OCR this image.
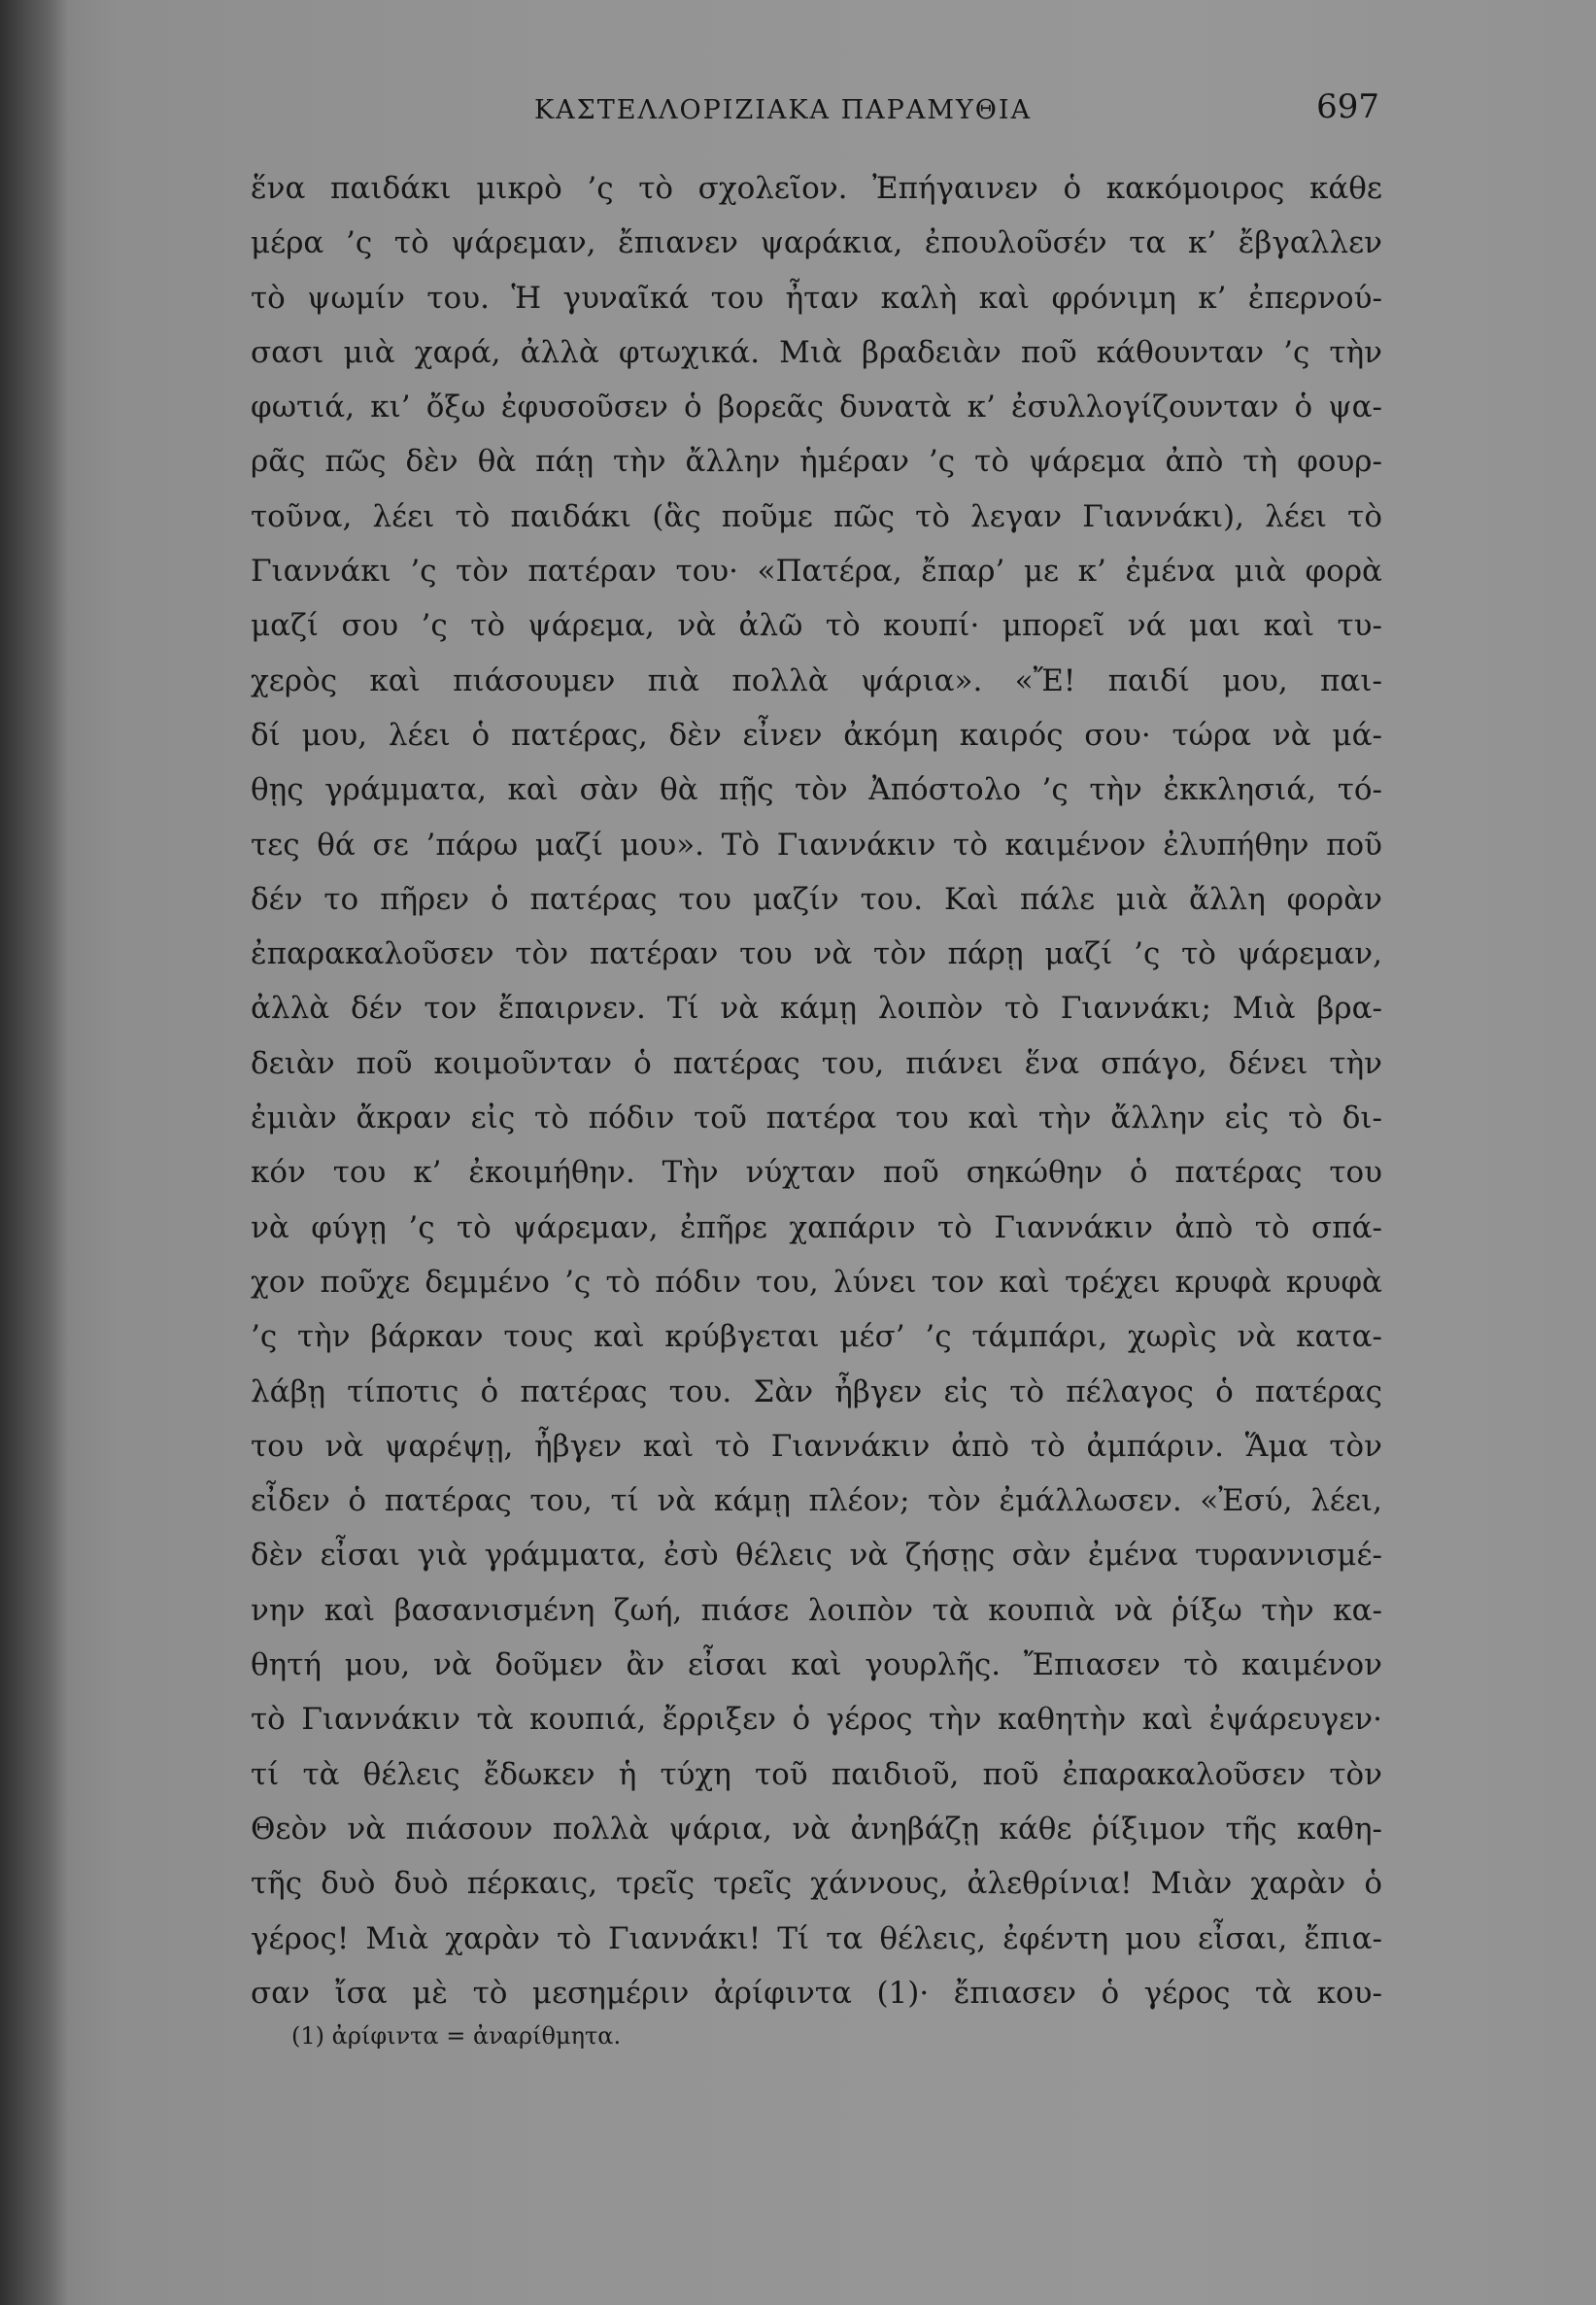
ΚΑΣΤΕΛΛΟΡΙΖΙΑΚΑ ΠΑΡΑΜΥΘΙΑ	697
ἕνα παιδάκι μικρὸ ’ς τὸ σχολεῖον. Ἐπήγαινεν ὁ κακόμοιρος κάθε
μέρα ’ς τὸ ψάρεμαν, ἔπιανεν ψαράκια, ἐπουλοῦσέν τα κ’ ἔβγαλλεν
τὸ ψωμίν του. Ἡ γυναῖκά του ἦταν καλὴ καὶ φρόνιμη κ’ ἐπερνού-
σασι μιὰ χαρά, ἀλλὰ φτωχικά. Μιὰ βραδειὰν ποῦ κάθουνταν ’ς τὴν
φωτιά, κι’ ὄξω ἐφυσοῦσεν ὁ βορεᾶς δυνατὰ κ’ ἐσυλλογίζουνταν ὁ ψα-
ρᾶς πῶς δὲν θὰ πάῃ τὴν ἄλλην ἡμέραν ’ς τὸ ψάρεμα ἀπὸ τὴ φουρ-
τοῦνα, λέει τὸ παιδάκι (ἃς ποῦμε πῶς τὸ λεγαν Γιαννάκι), λέει τὸ
Γιαννάκι ’ς τὸν πατέραν του· «Πατέρα, ἔπαρ’ με κ’ ἐμένα μιὰ φορὰ
μαζί σου ’ς τὸ ψάρεμα, νὰ ἀλῶ τὸ κουπί· μπορεῖ νά μαι καὶ τυ-
χερὸς καὶ πιάσουμεν πιὰ πολλὰ ψάρια». «Ἔ! παιδί μου, παι-
δί μου, λέει ὁ πατέρας, δὲν εἶνεν ἀκόμη καιρός σου· τώρα νὰ μά-
θῃς γράμματα, καὶ σὰν θὰ πῇς τὸν Ἀπόστολο ’ς τὴν ἐκκλησιά, τό-
τες θά σε ’πάρω μαζί μου». Τὸ Γιαννάκιν τὸ καιμένον ἐλυπήθην ποῦ
δέν το πῆρεν ὁ πατέρας του μαζίν του. Καὶ πάλε μιὰ ἄλλη φορὰν
ἐπαρακαλοῦσεν τὸν πατέραν του νὰ τὸν πάρῃ μαζί ’ς τὸ ψάρεμαν,
ἀλλὰ δέν τον ἔπαιρνεν. Τί νὰ κάμῃ λοιπὸν τὸ Γιαννάκι; Μιὰ βρα-
δειὰν ποῦ κοιμοῦνταν ὁ πατέρας του, πιάνει ἕνα σπάγο, δένει τὴν
ἐμιὰν ἄκραν εἰς τὸ πόδιν τοῦ πατέρα του καὶ τὴν ἄλλην εἰς τὸ δι-
κόν του κ’ ἐκοιμήθην. Τὴν νύχταν ποῦ σηκώθην ὁ πατέρας του
νὰ φύγῃ ’ς τὸ ψάρεμαν, ἐπῆρε χαπάριν τὸ Γιαννάκιν ἀπὸ τὸ σπά-
χον ποῦχε δεμμένο ’ς τὸ πόδιν του, λύνει τον καὶ τρέχει κρυφὰ κρυφὰ
’ς τὴν βάρκαν τους καὶ κρύβγεται μέσ’ ’ς τάμπάρι, χωρὶς νὰ κατα-
λάβῃ τίποτις ὁ πατέρας του. Σὰν ἦβγεν εἰς τὸ πέλαγος ὁ πατέρας
του νὰ ψαρέψῃ, ἦβγεν καὶ τὸ Γιαννάκιν ἀπὸ τὸ ἀμπάριν. Ἅμα τὸν
εἶδεν ὁ πατέρας του, τί νὰ κάμῃ πλέον; τὸν ἐμάλλωσεν. «Ἐσύ, λέει,
δὲν εἶσαι γιὰ γράμματα, ἐσὺ θέλεις νὰ ζήσῃς σὰν ἐμένα τυραννισμέ-
νην καὶ βασανισμένη ζωή, πιάσε λοιπὸν τὰ κουπιὰ νὰ ῥίξω τὴν κα-
θητή μου, νὰ δοῦμεν ἂν εἶσαι καὶ γουρλῆς. Ἔπιασεν τὸ καιμένον
τὸ Γιαννάκιν τὰ κουπιά, ἔρριξεν ὁ γέρος τὴν καθητὴν καὶ ἐψάρευγεν·
τί τὰ θέλεις ἔδωκεν ἡ τύχη τοῦ παιδιοῦ, ποῦ ἐπαρακαλοῦσεν τὸν
Θεὸν νὰ πιάσουν πολλὰ ψάρια, νὰ ἀνηβάζῃ κάθε ῥίξιμον τῆς καθη-
τῆς δυὸ δυὸ πέρκαις, τρεῖς τρεῖς χάννους, ἀλεθρίνια! Μιὰν χαρὰν ὁ
γέρος! Μιὰ χαρὰν τὸ Γιαννάκι! Τί τα θέλεις, ἐφέντη μου εἶσαι, ἔπια-
σαν ἴσα μὲ τὸ μεσημέριν ἀρίφιντα (1)· ἔπιασεν ὁ γέρος τὰ κου-
(1) ἀρίφιντα = ἀναρίθμητα.
